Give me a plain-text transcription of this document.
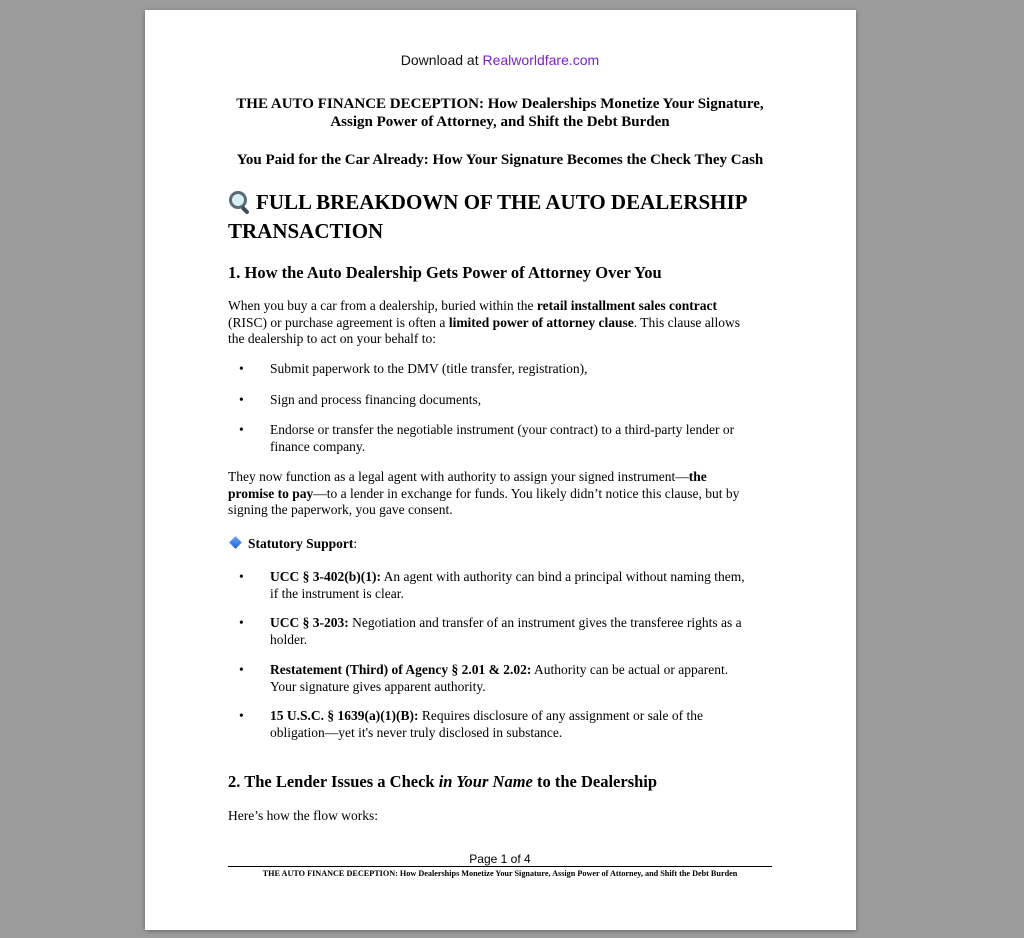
Download at Realworldfare.com
THE AUTO FINANCE DECEPTION: How Dealerships Monetize Your Signature,
Assign Power of Attorney, and Shift the Debt Burden
You Paid for the Car Already: How Your Signature Becomes the Check They Cash
FULL BREAKDOWN OF THE AUTO DEALERSHIP
TRANSACTION
1. How the Auto Dealership Gets Power of Attorney Over You
When you buy a car from a dealership, buried within the retail installment sales contract
(RISC) or purchase agreement is often a limited power of attorney clause. This clause allows
the dealership to act on your behalf to:
• Submit paperwork to the DMV (title transfer, registration),
• Sign and process financing documents,
• Endorse or transfer the negotiable instrument (your contract) to a third-party lender or
finance company.
They now function as a legal agent with authority to assign your signed instrument—the
promise to pay—to a lender in exchange for funds. You likely didn’t notice this clause, but by
signing the paperwork, you gave consent.
Statutory Support:
• UCC § 3-402(b)(1): An agent with authority can bind a principal without naming them,
if the instrument is clear.
• UCC § 3-203: Negotiation and transfer of an instrument gives the transferee rights as a
holder.
• Restatement (Third) of Agency § 2.01 & 2.02: Authority can be actual or apparent.
Your signature gives apparent authority.
• 15 U.S.C. § 1639(a)(1)(B): Requires disclosure of any assignment or sale of the
obligation—yet it's never truly disclosed in substance.
2. The Lender Issues a Check in Your Name to the Dealership
Here’s how the flow works:
Page 1 of 4
THE AUTO FINANCE DECEPTION: How Dealerships Monetize Your Signature, Assign Power of Attorney, and Shift the Debt Burden
